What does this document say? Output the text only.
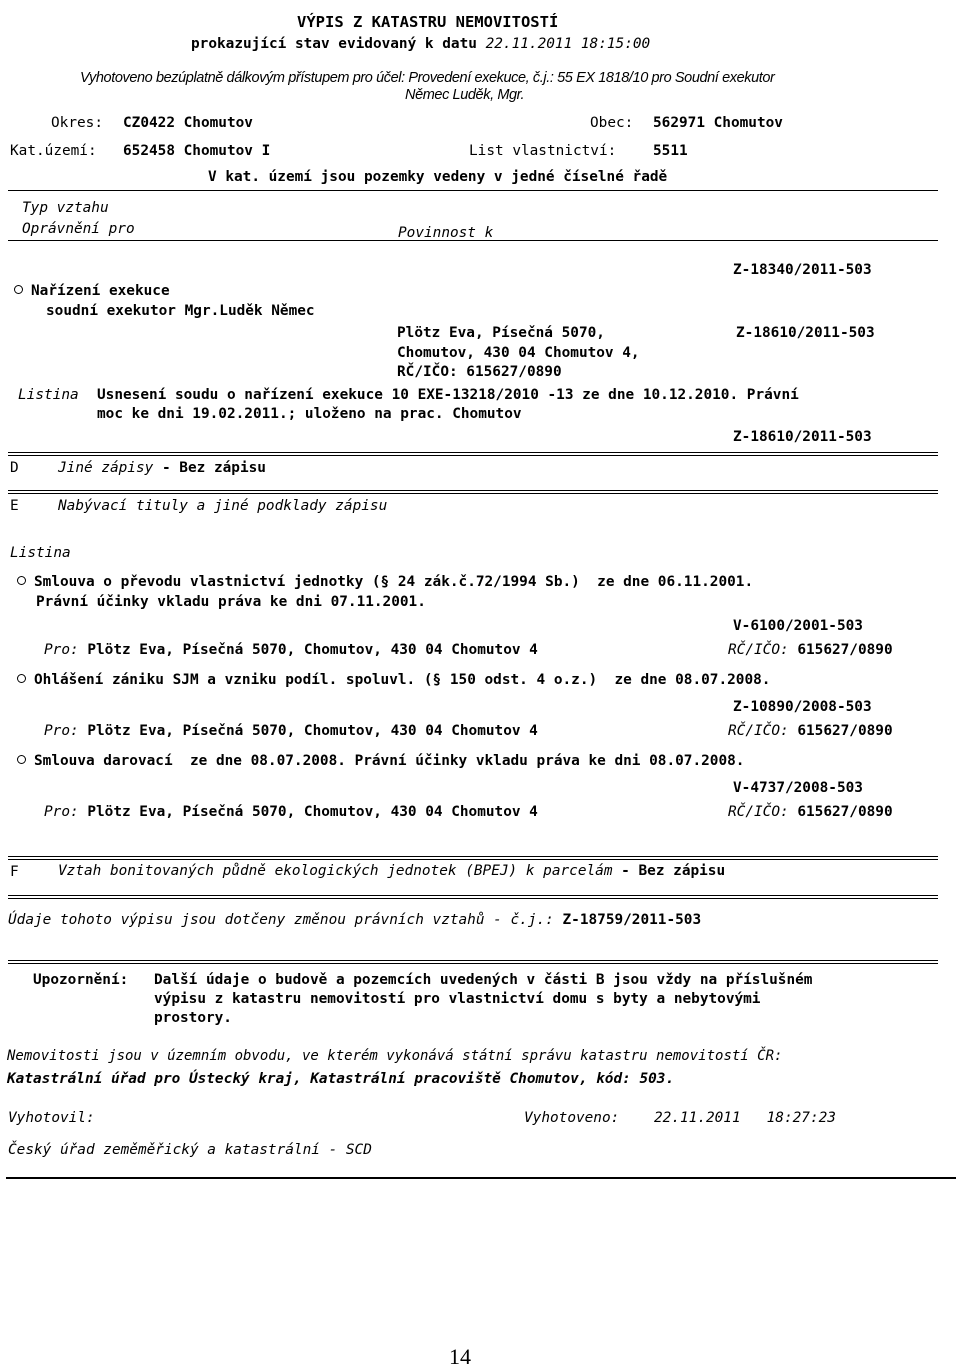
VÝPIS Z KATASTRU NEMOVITOSTÍ
prokazující stav evidovaný k datu 22.11.2011 18:15:00
Vyhotoveno bezúplatně dálkovým přístupem pro účel: Provedení exekuce, č.j.: 55 EX 1818/10 pro Soudní exekutor
Němec Luděk, Mgr.
Okres: CZ0422 Chomutov	Obec: 562971 Chomutov
Kat.území: 652458 Chomutov I	List vlastnictví:	5511
V kat. území jsou pozemky vedeny v jedné číselné řadě
Typ vztahu
Oprávnění pro	Povinnost k
Z-18340/2011-503
Nařízení exekuce
soudní exekutor Mgr.Luděk Němec
Plötz Eva, Písečná 5070,
Chomutov, 430 04 Chomutov 4,
RČ/IČO: 615627/0890
Z-18610/2011-503
Listina Usnesení soudu o nařízení exekuce 10 EXE-13218/2010 -13 ze dne 10.12.2010. Právní
moc ke dni 19.02.2011.; uloženo na prac. Chomutov
Z-18610/2011-503
D	Jiné zápisy - Bez zápisu
E	Nabývací tituly a jiné podklady zápisu
Listina
Smlouva o převodu vlastnictví jednotky (§ 24 zák.č.72/1994 Sb.)  ze dne 06.11.2001.
Právní účinky vkladu práva ke dni 07.11.2001.
V-6100/2001-503
Pro: Plötz Eva, Písečná 5070, Chomutov, 430 04 Chomutov 4	RČ/IČO: 615627/0890
Ohlášení zániku SJM a vzniku podíl. spoluvl. (§ 150 odst. 4 o.z.)  ze dne 08.07.2008.
Z-10890/2008-503
Pro: Plötz Eva, Písečná 5070, Chomutov, 430 04 Chomutov 4	RČ/IČO: 615627/0890
Smlouva darovací  ze dne 08.07.2008. Právní účinky vkladu práva ke dni 08.07.2008.
V-4737/2008-503
Pro: Plötz Eva, Písečná 5070, Chomutov, 430 04 Chomutov 4	RČ/IČO: 615627/0890
F	Vztah bonitovaných půdně ekologických jednotek (BPEJ) k parcelám - Bez zápisu
Údaje tohoto výpisu jsou dotčeny změnou právních vztahů - č.j.: Z-18759/2011-503
Upozornění: Další údaje o budově a pozemcích uvedených v části B jsou vždy na příslušném
výpisu z katastru nemovitostí pro vlastnictví domu s byty a nebytovými
prostory.
Nemovitosti jsou v územním obvodu, ve kterém vykonává státní správu katastru nemovitostí ČR:
Katastrální úřad pro Ústecký kraj, Katastrální pracoviště Chomutov, kód: 503.
Vyhotovil:	Vyhotoveno: 22.11.2011   18:27:23
Český úřad zeměměřický a katastrální - SCD
14
